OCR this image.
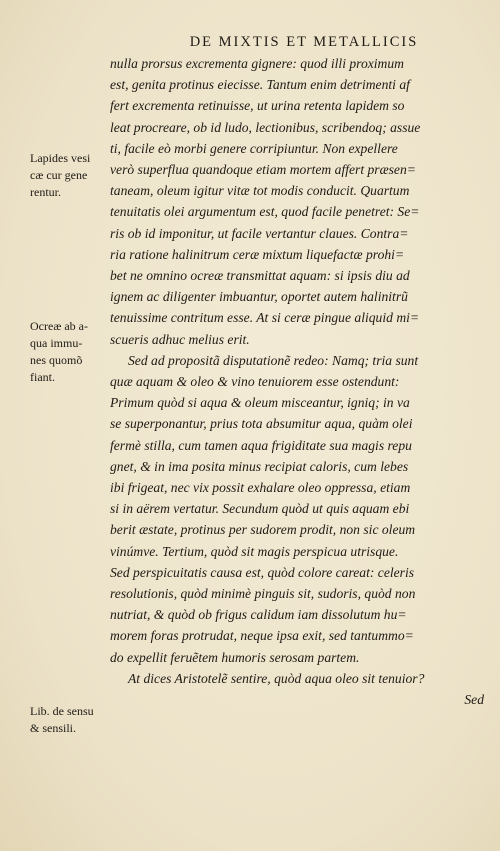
DE MIXTIS ET METALLICIS
nulla prorsus excrementa gignere: quod illi proximum
est, genita protinus eiecisse. Tantum enim detrimenti af
fert excrementa retinuisse, ut urina retenta lapidem so
leat procreare, ob id ludo, lectionibus, scribendoq; assue
ti, facile eò morbi genere corripiuntur. Non expellere
verò superflua quandoque etiam mortem affert præsen=
taneam, oleum igitur vitæ tot modis conducit. Quartum
tenuitatis olei argumentum est, quod facile penetret: Se=
ris ob id imponitur, ut facile vertantur claues. Contra=
ria ratione halinitrum ceræ mixtum liquefactæ prohi=
bet ne omnino ocreæ transmittat aquam: si ipsis diu ad
ignem ac diligenter imbuantur, oportet autem halinitrũ
tenuissime contritum esse. At si ceræ pingue aliquid mi=
scueris adhuc melius erit.
Sed ad propositã disputationẽ redeo: Namq; tria sunt
quæ aquam & oleo & vino tenuiorem esse ostendunt:
Primum quòd si aqua & oleum misceantur, igniq; in va
se superponantur, prius tota absumitur aqua, quàm olei
fermè stilla, cum tamen aqua frigiditate sua magis repu
gnet, & in ima posita minus recipiat caloris, cum lebes
ibi frigeat, nec vix possit exhalare oleo oppressa, etiam
si in aërem vertatur. Secundum quòd ut quis aquam ebi
berit æstate, protinus per sudorem prodit, non sic oleum
vinúmve. Tertium, quòd sit magis perspicua utrisque.
Sed perspicuitatis causa est, quòd colore careat: celeris
resolutionis, quòd minimè pinguis sit, sudoris, quòd non
nutriat, & quòd ob frigus calidum iam dissolutum hu=
morem foras protrudat, neque ipsa exit, sed tantummo=
do expellit feruẽtem humoris serosam partem.
At dices Aristotelẽ sentire, quòd aqua oleo sit tenuior?
Sed
Lapides vesi
cæ cur gene
rentur.
Ocreæ ab a-
qua immu-
nes quomõ
fiant.
Lib. de sensu
& sensili.
